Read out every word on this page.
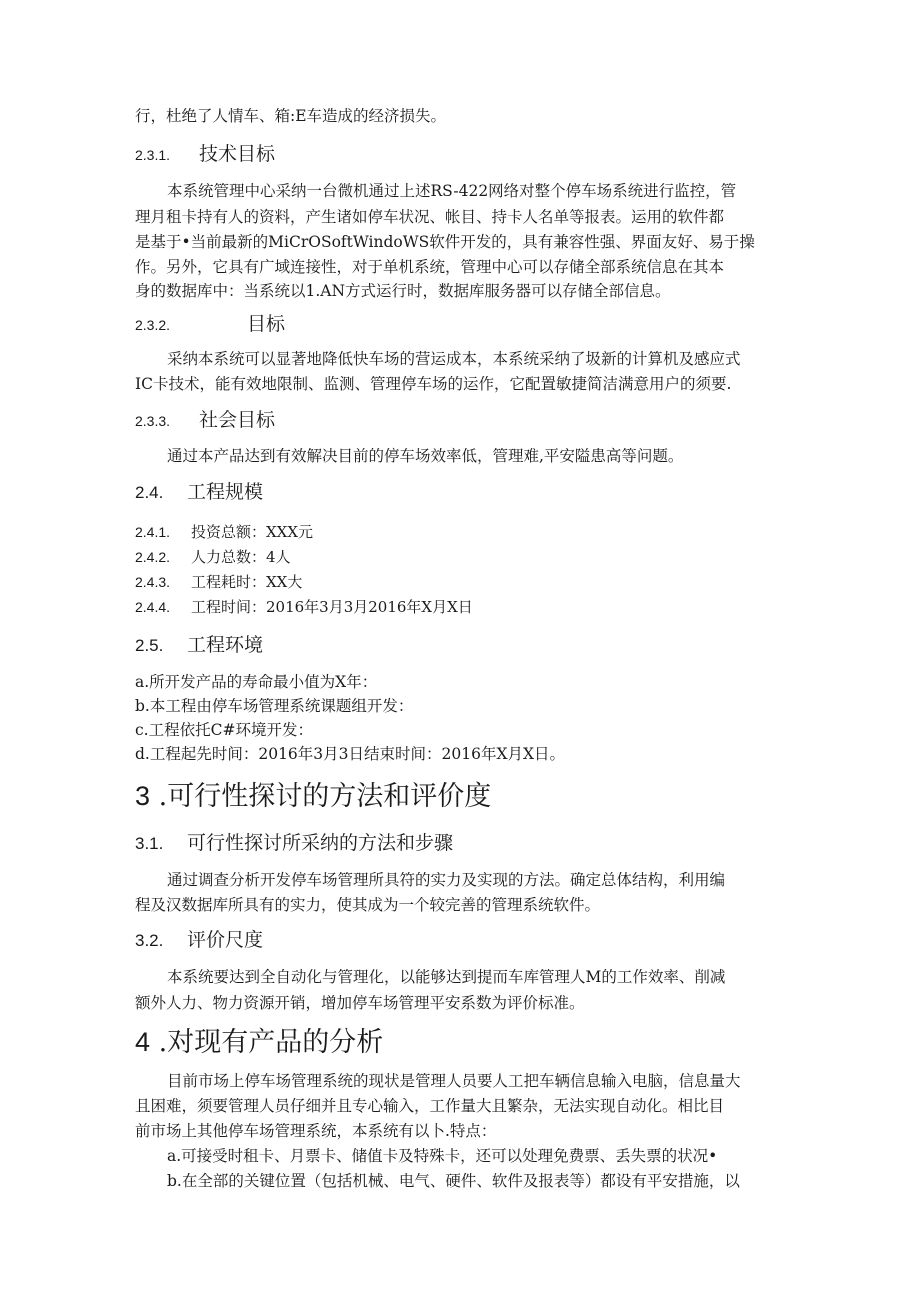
行，杜绝了人情车、箱:E车造成的经济损失。
2.3.1. 技术目标
本系统管理中心采纳一台微机通过上述RS-422网络对整个停车场系统进行监控，管
理月租卡持有人的资料，产生诸如停车状况、帐目、持卡人名单等报表。运用的软件都
是基于•当前最新的MiCrOSoftWindoWS软件开发的，具有兼容性强、界面友好、易于操
作。另外，它具有广域连接性，对于单机系统，管理中心可以存储全部系统信息在其本
身的数据库中：当系统以1.AN方式运行时，数据库服务器可以存储全部信息。
2.3.2.	目标
采纳本系统可以显著地降低快车场的营运成本，本系统采纳了圾新的计算机及感应式
IC卡技术，能有效地限制、监测、管理停车场的运作，它配置敏捷简洁满意用户的须要.
2.3.3. 社会目标
通过本产品达到有效解决目前的停车场效率低，管理难,平安隘患高等问题。
2.4. 工程规模
2.4.1. 投资总额：XXX元
2.4.2. 人力总数：4人
2.4.3. 工程耗时：XX大
2.4.4. 工程时间：2016年3月3月2016年X月X日
2.5. 工程环境
a.所开发产品的寿命最小值为X年：
b.本工程由停车场管理系统课题组开发：
c.工程依托C#环境开发：
d.工程起先时间：2016年3月3日结束时间：2016年X月X日。
3 .可行性探讨的方法和评价度
3.1. 可行性探讨所采纳的方法和步骤
通过调查分析开发停车场管理所具符的实力及实现的方法。确定总体结构，利用编
程及汉数据库所具有的实力，使其成为一个较完善的管理系统软件。
3.2. 评价尺度
本系统要达到全自动化与管理化，以能够达到提而车库管理人M的工作效率、削减
额外人力、物力资源开销，增加停车场管理平安系数为评价标准。
4 .对现有产品的分析
目前市场上停车场管理系统的现状是管理人员要人工把车辆信息输入电脑，信息量大
且困难，须要管理人员仔细并且专心输入，工作量大且繁杂，无法实现自动化。相比目
前市场上其他停车场管理系统，本系统有以卜.特点：
a.可接受时租卡、月票卡、储值卡及特殊卡，还可以处理免费票、丢失票的状况•
b.在全部的关键位置（包括机械、电气、硬件、软件及报表等）都设有平安措施，以
